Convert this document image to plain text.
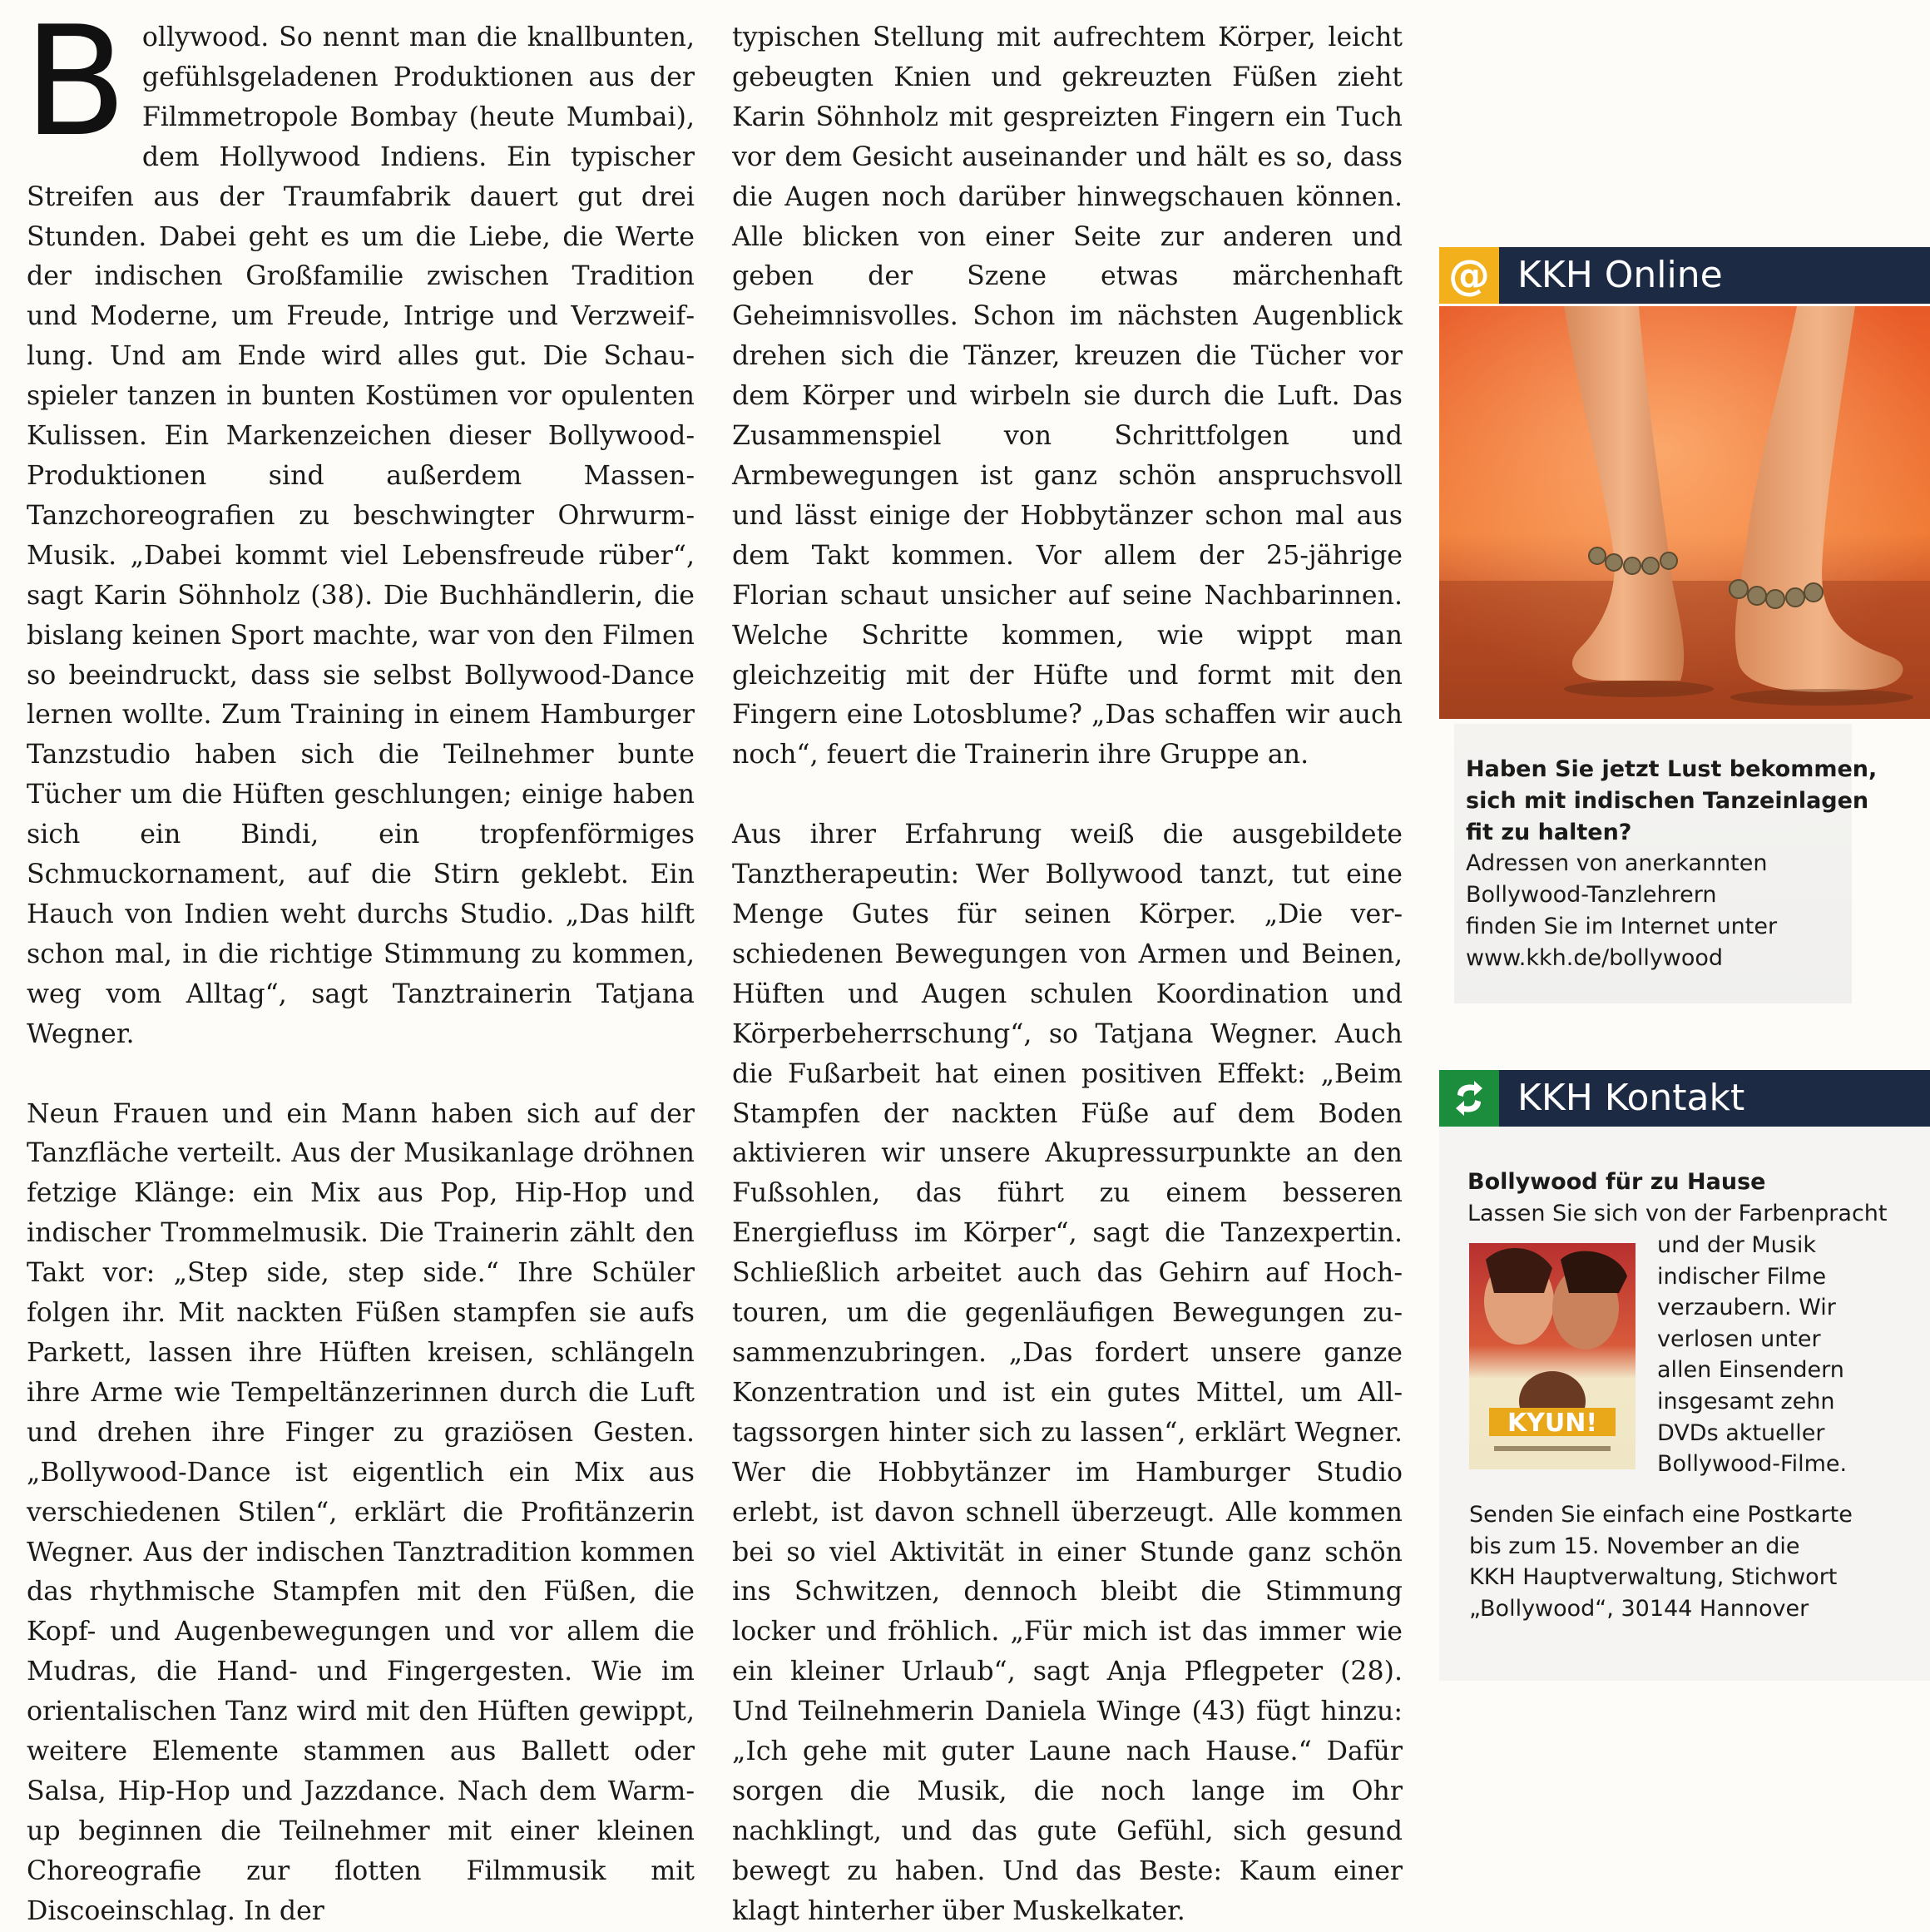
Bollywood. So nennt man die knallbunten, gefühlsgeladenen Produktionen aus der Filmmetropole Bombay (heute Mumbai), dem Hollywood Indiens. Ein typischer Streifen aus der Traumfabrik dauert gut drei Stunden. Dabei geht es um die Liebe, die Werte der indischen Großfamilie zwischen Tradition und Moderne, um Freude, Intrige und Verzweiflung. Und am Ende wird alles gut. Die Schauspieler tanzen in bunten Kostümen vor opulenten Kulissen. Ein Markenzeichen dieser Bollywood-Produktionen sind außerdem Massen-Tanzchoreografien zu beschwingter Ohrwurm-Musik. „Dabei kommt viel Lebensfreude rüber“, sagt Karin Söhnholz (38). Die Buchhändlerin, die bislang keinen Sport machte, war von den Filmen so beeindruckt, dass sie selbst Bollywood-Dance lernen wollte. Zum Training in einem Hamburger Tanzstudio haben sich die Teilnehmer bunte Tücher um die Hüften geschlungen; einige haben sich ein Bindi, ein tropfenförmiges Schmuckornament, auf die Stirn geklebt. Ein Hauch von Indien weht durchs Studio. „Das hilft schon mal, in die richtige Stimmung zu kommen, weg vom Alltag“, sagt Tanztrainerin Tatjana Wegner.

Neun Frauen und ein Mann haben sich auf der Tanzfläche verteilt. Aus der Musikanlage dröhnen fetzige Klänge: ein Mix aus Pop, Hip-Hop und indischer Trommelmusik. Die Trainerin zählt den Takt vor: „Step side, step side.“ Ihre Schüler folgen ihr. Mit nackten Füßen stampfen sie aufs Parkett, lassen ihre Hüften kreisen, schlängeln ihre Arme wie Tempeltänzerinnen durch die Luft und drehen ihre Finger zu graziösen Gesten. „Bollywood-Dance ist eigentlich ein Mix aus verschiedenen Stilen“, erklärt die Profitänzerin Wegner. Aus der indischen Tanztradition kommen das rhythmische Stampfen mit den Füßen, die Kopf- und Augenbewegungen und vor allem die Mudras, die Hand- und Fingergesten. Wie im orientalischen Tanz wird mit den Hüften gewippt, weitere Elemente stammen aus Ballett oder Salsa, Hip-Hop und Jazzdance. Nach dem Warm-up beginnen die Teilnehmer mit einer kleinen Choreografie zur flotten Filmmusik mit Discoeinschlag. In der

typischen Stellung mit aufrechtem Körper, leicht gebeugten Knien und gekreuzten Füßen zieht Karin Söhnholz mit gespreizten Fingern ein Tuch vor dem Gesicht auseinander und hält es so, dass die Augen noch darüber hinwegschauen können. Alle blicken von einer Seite zur anderen und geben der Szene etwas märchenhaft Geheimnisvolles. Schon im nächsten Augenblick drehen sich die Tänzer, kreuzen die Tücher vor dem Körper und wirbeln sie durch die Luft. Das Zusammenspiel von Schrittfolgen und Armbewegungen ist ganz schön anspruchsvoll und lässt einige der Hobbytänzer schon mal aus dem Takt kommen. Vor allem der 25-jährige Florian schaut unsicher auf seine Nachbarinnen. Welche Schritte kommen, wie wippt man gleichzeitig mit der Hüfte und formt mit den Fingern eine Lotosblume? „Das schaffen wir auch noch“, feuert die Trainerin ihre Gruppe an.

Aus ihrer Erfahrung weiß die ausgebildete Tanztherapeutin: Wer Bollywood tanzt, tut eine Menge Gutes für seinen Körper. „Die verschiedenen Bewegungen von Armen und Beinen, Hüften und Augen schulen Koordination und Körperbeherrschung“, so Tatjana Wegner. Auch die Fußarbeit hat einen positiven Effekt: „Beim Stampfen der nackten Füße auf dem Boden aktivieren wir unsere Akupressurpunkte an den Fußsohlen, das führt zu einem besseren Energiefluss im Körper“, sagt die Tanzexpertin. Schließlich arbeitet auch das Gehirn auf Hochtouren, um die gegenläufigen Bewegungen zusammenzubringen. „Das fordert unsere ganze Konzentration und ist ein gutes Mittel, um Alltagssorgen hinter sich zu lassen“, erklärt Wegner. Wer die Hobbytänzer im Hamburger Studio erlebt, ist davon schnell überzeugt. Alle kommen bei so viel Aktivität in einer Stunde ganz schön ins Schwitzen, dennoch bleibt die Stimmung locker und fröhlich. „Für mich ist das immer wie ein kleiner Urlaub“, sagt Anja Pflegpeter (28). Und Teilnehmerin Daniela Winge (43) fügt hinzu: „Ich gehe mit guter Laune nach Hause.“ Dafür sorgen die Musik, die noch lange im Ohr nachklingt, und das gute Gefühl, sich gesund bewegt zu haben. Und das Beste: Kaum einer klagt hinterher über Muskelkater.

@ KKH Online
Haben Sie jetzt Lust bekommen,
sich mit indischen Tanzeinlagen
fit zu halten?
Adressen von anerkannten
Bollywood-Tanzlehrern
finden Sie im Internet unter
www.kkh.de/bollywood
KKH Kontakt
Bollywood für zu Hause
Lassen Sie sich von der Farbenpracht
KYUN!
und der Musik
indischer Filme
verzaubern. Wir
verlosen unter
allen Einsendern
insgesamt zehn
DVDs aktueller
Bollywood-Filme.
Senden Sie einfach eine Postkarte
bis zum 15. November an die
KKH Hauptverwaltung, Stichwort
„Bollywood“, 30144 Hannover
